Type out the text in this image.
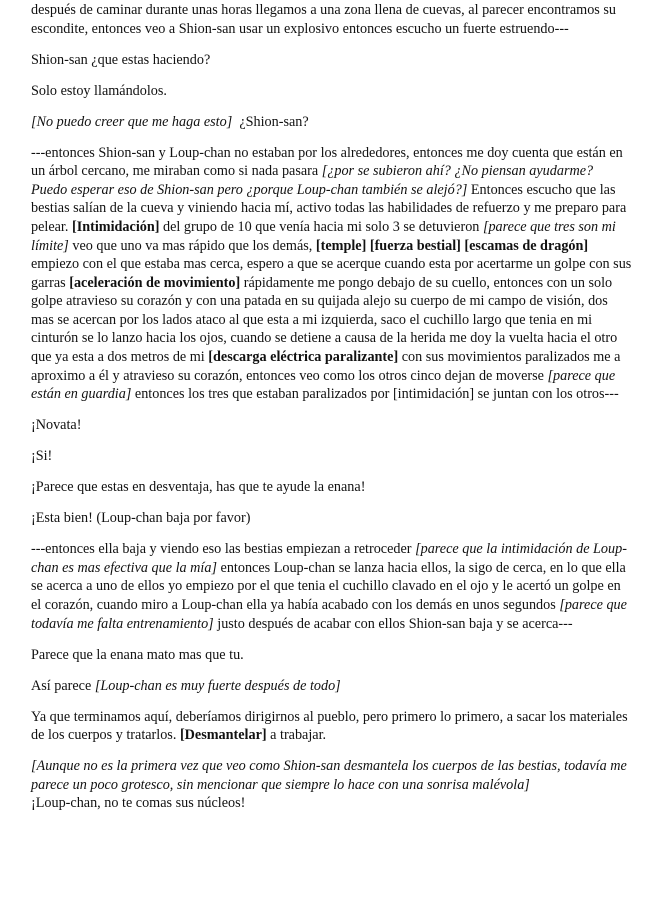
después de caminar durante unas horas llegamos a una zona llena de cuevas, al parecer encontramos su escondite, entonces veo a Shion-san usar un explosivo entonces escucho un fuerte estruendo---

Shion-san ¿que estas haciendo?

Solo estoy llamándolos.

[No puedo creer que me haga esto]  ¿Shion-san?

---entonces Shion-san y Loup-chan no estaban por los alrededores, entonces me doy cuenta que están en un árbol cercano, me miraban como si nada pasara [¿por se subieron ahí? ¿No piensan ayudarme? Puedo esperar eso de Shion-san pero ¿porque Loup-chan también se alejó?] Entonces escucho que las bestias salían de la cueva y viniendo hacia mí, activo todas las habilidades de refuerzo y me preparo para pelear. [Intimidación] del grupo de 10 que venía hacia mi solo 3 se detuvieron [parece que tres son mi límite] veo que uno va mas rápido que los demás, [temple] [fuerza bestial] [escamas de dragón] empiezo con el que estaba mas cerca, espero a que se acerque cuando esta por acertarme un golpe con sus garras [aceleración de movimiento] rápidamente me pongo debajo de su cuello, entonces con un solo golpe atravieso su corazón y con una patada en su quijada alejo su cuerpo de mi campo de visión, dos mas se acercan por los lados ataco al que esta a mi izquierda, saco el cuchillo largo que tenia en mi cinturón se lo lanzo hacia los ojos, cuando se detiene a causa de la herida me doy la vuelta hacia el otro que ya esta a dos metros de mi [descarga eléctrica paralizante] con sus movimientos paralizados me a aproximo a él y atravieso su corazón, entonces veo como los otros cinco dejan de moverse [parece que están en guardia] entonces los tres que estaban paralizados por [intimidación] se juntan con los otros---

¡Novata!

¡Si!

¡Parece que estas en desventaja, has que te ayude la enana!

¡Esta bien! (Loup-chan baja por favor)

---entonces ella baja y viendo eso las bestias empiezan a retroceder [parece que la intimidación de Loup-chan es mas efectiva que la mía] entonces Loup-chan se lanza hacia ellos, la sigo de cerca, en lo que ella se acerca a uno de ellos yo empiezo por el que tenia el cuchillo clavado en el ojo y le acertó un golpe en el corazón, cuando miro a Loup-chan ella ya había acabado con los demás en unos segundos [parece que todavía me falta entrenamiento] justo después de acabar con ellos Shion-san baja y se acerca---

Parece que la enana mato mas que tu.

Así parece [Loup-chan es muy fuerte después de todo]

Ya que terminamos aquí, deberíamos dirigirnos al pueblo, pero primero lo primero, a sacar los materiales de los cuerpos y tratarlos. [Desmantelar] a trabajar.

[Aunque no es la primera vez que veo como Shion-san desmantela los cuerpos de las bestias, todavía me parece un poco grotesco, sin mencionar que siempre lo hace con una sonrisa malévola]

¡Loup-chan, no te comas sus núcleos!
